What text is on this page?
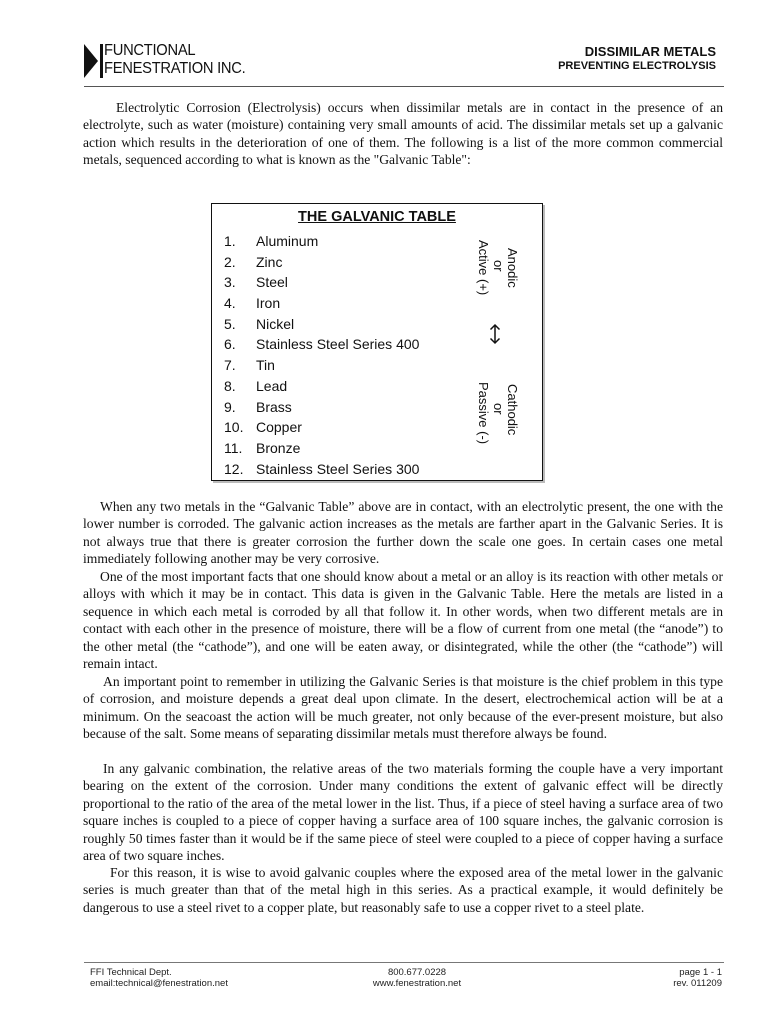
FUNCTIONAL
FENESTRATION INC.
DISSIMILAR METALS
PREVENTING ELECTROLYSIS
Electrolytic Corrosion (Electrolysis) occurs when dissimilar metals are in contact in the presence of an electrolyte, such as water (moisture) containing very small amounts of acid. The dissimilar metals set up a galvanic action which results in the deterioration of one of them. The following is a list of the more common commercial metals, sequenced according to what is known as the "Galvanic Table":
THE GALVANIC TABLE
1. Aluminum
2. Zinc
3. Steel
4. Iron
5. Nickel
6. Stainless Steel Series 400
7. Tin
8. Lead
9. Brass
10. Copper
11. Bronze
12. Stainless Steel Series 300
Anodic
or
Active (+)
Cathodic
or
Passive (-)
When any two metals in the “Galvanic Table” above are in contact, with an electrolytic present, the one with the lower number is corroded. The galvanic action increases as the metals are farther apart in the Galvanic Series. It is not always true that there is greater corrosion the further down the scale one goes. In certain cases one metal immediately following another may be very corrosive.
One of the most important facts that one should know about a metal or an alloy is its reaction with other metals or alloys with which it may be in contact. This data is given in the Galvanic Table. Here the metals are listed in a sequence in which each metal is corroded by all that follow it. In other words, when two different metals are in contact with each other in the presence of moisture, there will be a flow of current from one metal (the “anode”) to the other metal (the “cathode”), and one will be eaten away, or disintegrated, while the other (the “cathode”) will remain intact.
An important point to remember in utilizing the Galvanic Series is that moisture is the chief problem in this type of corrosion, and moisture depends a great deal upon climate. In the desert, electrochemical action will be at a minimum. On the seacoast the action will be much greater, not only because of the ever-present moisture, but also because of the salt. Some means of separating dissimilar metals must therefore always be found.
In any galvanic combination, the relative areas of the two materials forming the couple have a very important bearing on the extent of the corrosion. Under many conditions the extent of galvanic effect will be directly proportional to the ratio of the area of the metal lower in the list. Thus, if a piece of steel having a surface area of two square inches is coupled to a piece of copper having a surface area of 100 square inches, the galvanic corrosion is roughly 50 times faster than it would be if the same piece of steel were coupled to a piece of copper having a surface area of two square inches.
For this reason, it is wise to avoid galvanic couples where the exposed area of the metal lower in the galvanic series is much greater than that of the metal high in this series. As a practical example, it would definitely be dangerous to use a steel rivet to a copper plate, but reasonably safe to use a copper rivet to a steel plate.
FFI Technical Dept.
email:technical@fenestration.net
800.677.0228
www.fenestration.net
page 1 - 1
rev. 011209
